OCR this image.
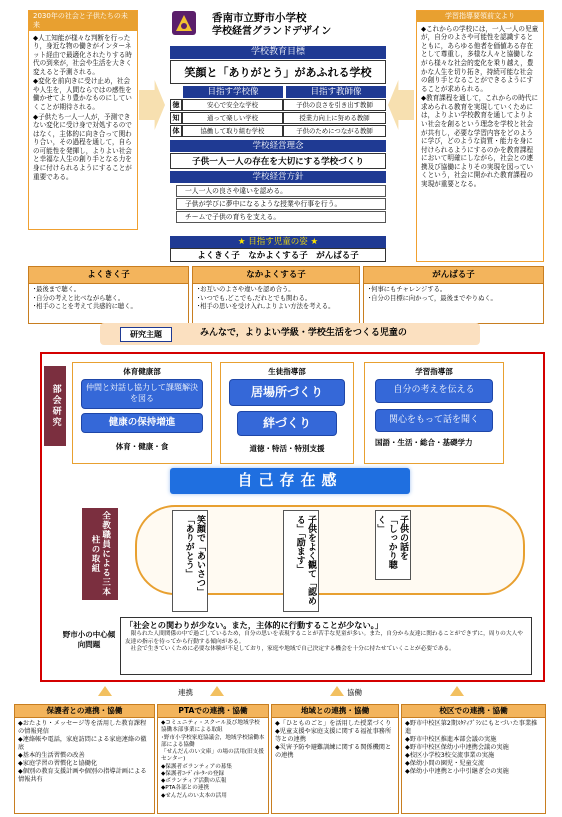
香南市立野市小学校
学校経営グランドデザイン
2030年の社会と子供たちの未来

◆人工知能が様々な判断を行ったり，身近な物の働きがインターネット経由で最適化されたりする時代の到来が，社会や生活を大きく変えると予測される。

◆変化を前向きに受け止め，社会や人生を，人間ならではの感性を働かせてより豊かなものにしていくことが期待される。

◆子供たち一人一人が，予測できない変化に受け身で対処するのではなく，主体的に向き合って関わり合い，その過程を通して，自らの可能性を発揮し，よりよい社会と幸福な人生の創り手となる力を身に付けられるようにすることが重要である。

学習指導要領前文より

◆これからの学校には，一人一人の児童が，自分のよさや可能性を認識するとともに，あらゆる他者を価値ある存在として尊重し，多様な人々と協働しながら様々な社会的変化を乗り越え，豊かな人生を切り拓き，持続可能な社会の創り手となることができるようにすることが求められる。

◆教育課程を通して，これからの時代に求められる教育を実現していくためには，よりよい学校教育を通してよりよい社会を創るという理念を学校と社会が共有し，必要な学習内容をどのように学び，どのような資質・能力を身に付けられるようにするのかを教育課程において明確にしながら，社会との連携及び協働によりその実現を図っていくという，社会に開かれた教育課程の実現が重要となる。

学校教育目標
笑顔と「ありがとう」があふれる学校
目指す学校像	目指す教師像
徳	安心で安全な学校	子供の良さを引き出す教師
知	通って楽しい学校	授業力向上に努める教師
体	協働して取り組む学校	子供のためにつながる教師
学校経営理念
子供一人一人の存在を大切にする学校づくり
学校経営方針
一人一人の良さや違いを認める。
子供が学びに夢中になるような授業や行事を行う。
チームで子供の育ちを支える。
★ 目指す児童の姿 ★
よくきく子　なかよくする子　がんばる子
よくきく子
･最後まで聴く。
･自分の考えと比べながら聴く。
･相手のことを考えて共感的に聴く。
なかよくする子
･お互いのよさや違いを認め合う。
･いつでも,どこでも,だれとでも関わる。
･相手の思いを受け入れ,よりよい方法を考える。
がんばる子
･何事にもチャレンジする。
･自分の目標に向かって，最後までやりぬく。
研究主題	みんなで，よりよい学級・学校生活をつくる児童の
部会研究
体育健康部
仲間と対話し協力して課題解決を図る
健康の保持増進
体育・健康・食
生徒指導部
居場所づくり
絆づくり
道徳・特活・特別支援
学習指導部
自分の考えを伝える
関心をもって話を聞く
国語・生活・総合・基礎学力
自己存在感
全教職員による三本柱の取組	笑顔で「あいさつ」「ありがとう」	子供をよく観て「認める」「励ます」	子供の話を「しっかり聴く」
野市小の中心傾向問題
「社会との関わりが少ない。また，主体的に行動することが少ない。」
　限られた人間関係の中で過ごしているため，自分の思いを表現することが苦手な児童が多い。また，自分から友達に関わることができずに，周りの大人や友達の指示を待ってから行動する傾向がある。
　社会で生きていくために必要な体験が不足しており，家庭や地域で自己決定する機会を十分に持たせていくことが必要である。
連携	協働
保護者との連携・協働
◆おたより・メッセージ等を活用した教育課程の情報発信
◆連絡帳や電話，家庭訪問による家庭連絡の徹底
◆基本的生活習慣の改善
◆家庭学習の習慣化と協働化
◆個別の教育支援計画や個別の指導計画による情報共有
PTAでの連携・協働
◆コミュニティ・スクール及び地域学校協働本部事業による取組
･野市小学校家庭協議会，地域学校協働本部による協働
「せんだんのい文庫」の場の活用(旧支援センター)
◆保護者ボランティアの募集
◆保護者ｺｰﾃﾞｨﾈｰﾀｰの登録
◆ボランティア活動の広報
◆PTA各部との連携
◆せんだんのい太本の活用
地域との連携・協働
◆「ひとものごと」を活用した授業づくり
◆児童支援や家庭支援に関する福祉事務所等との連携
◆災害予防や避難訓練に関する関係機関との連携
校区での連携・協働
◆野市中校区第2期ｽﾀﾃｨﾌﾞﾗﾝにもとづいた事業推進
◆野市中校区推進本部会議の実施
◆野市中校区保幼小中連携会議の実施
◆校区小学校3校交流事業の実施
◆保幼小間の園児・児童交流
◆保幼小中連携と小中引継ぎ会の実施
